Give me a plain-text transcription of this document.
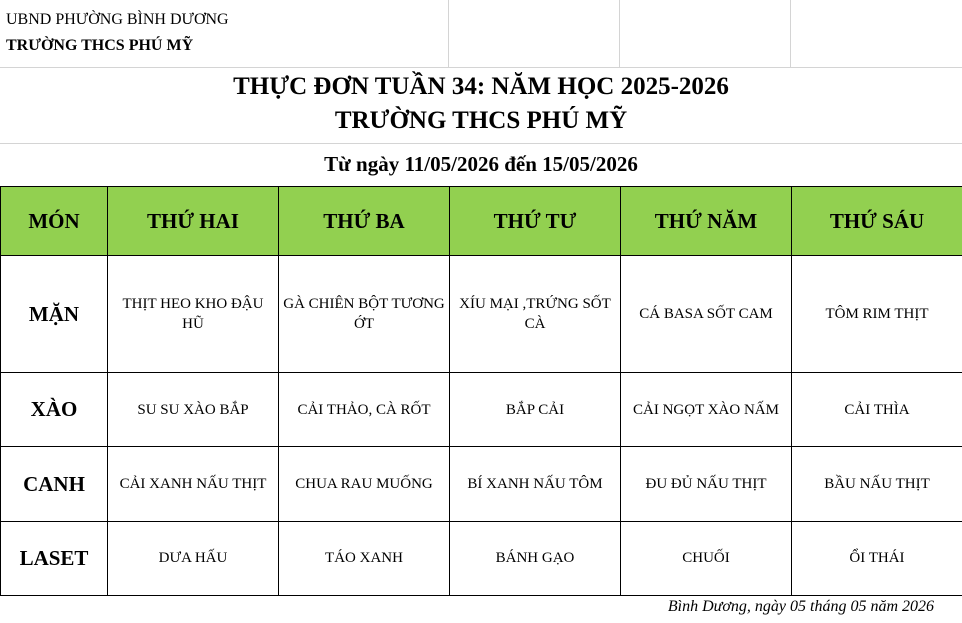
UBND PHƯỜNG BÌNH DƯƠNG
TRƯỜNG THCS PHÚ MỸ
THỰC ĐƠN TUẦN 34: NĂM HỌC 2025-2026
TRƯỜNG THCS PHÚ MỸ
Từ ngày 11/05/2026 đến 15/05/2026
MÓN	THỨ HAI	THỨ BA	THỨ TƯ	THỨ NĂM	THỨ SÁU
MẶN	THỊT HEO KHO ĐẬU HŨ	GÀ CHIÊN BỘT TƯƠNG ỚT	XÍU MẠI ,TRỨNG SỐT CÀ	CÁ BASA SỐT CAM	TÔM RIM THỊT
XÀO	SU SU XÀO BẮP	CẢI THẢO, CÀ RỐT	BẮP CẢI	CẢI NGỌT XÀO NẤM	CẢI THÌA
CANH	CẢI XANH NẤU THỊT	CHUA RAU MUỐNG	BÍ XANH NẤU TÔM	ĐU ĐỦ NẤU THỊT	BẦU NẤU THỊT
LASET	DƯA HẤU	TÁO XANH	BÁNH GẠO	CHUỐI	ỔI THÁI
Bình Dương, ngày 05 tháng 05 năm 2026
